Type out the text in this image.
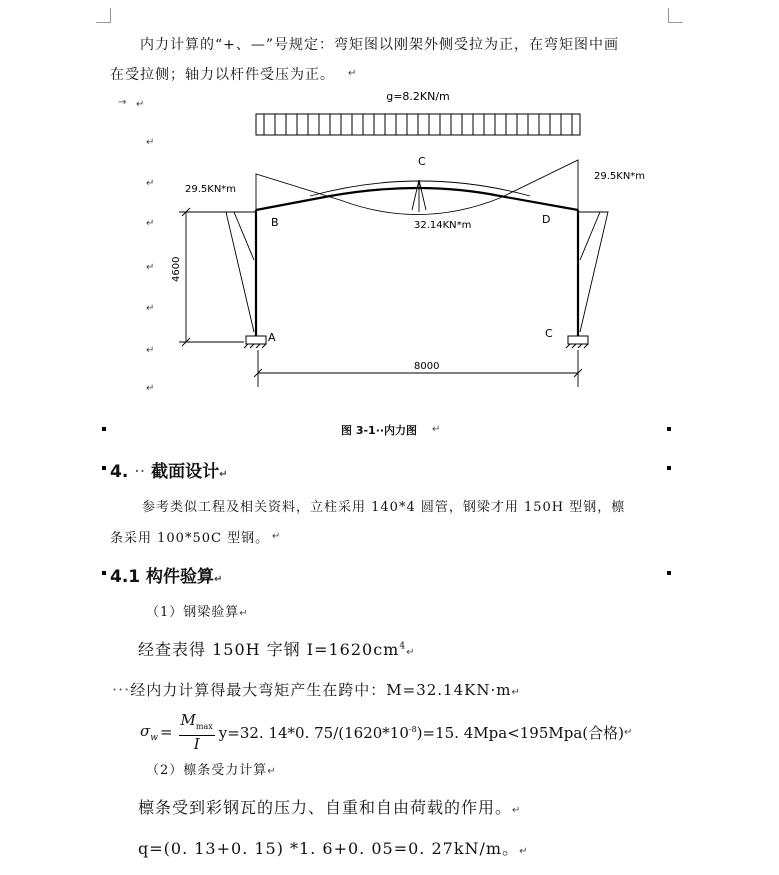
内力计算的“+、—”号规定：弯矩图以刚架外侧受拉为正，在弯矩图中画
在受拉侧；轴力以杆件受压为正。 ↵
→ ↵
↵
↵
↵
↵
↵
↵
↵
g=8.2KN/m
C
29.5KN*m
29.5KN*m
32.14KN*m
B	D
A	C
4600
8000
图 3-1··内力图 ↵
4. ·· 截面设计↵
参考类似工程及相关资料，立柱采用 140*4 圆管，钢梁才用 150H 型钢，檩
条采用 100*50C 型钢。 ↵
4.1 构件验算↵
（1）钢梁验算↵
经查表得 150H 字钢 $I=1620cm^4↵$
···经内力计算得最大弯矩产生在跨中：M=32.14KN·m↵
$\sigma_w$ =
$M_{max}$
I
y=32. 14*0. $75/(1620*10^{-8})=15$. 4Mpa<195Mpa(合格) ↵
（2）檩条受力计算↵
檩条受到彩钢瓦的压力、自重和自由荷载的作用。↵
q=(0. 13+0. 15) *1. 6+0. 05=0. 27kN/m。↵
